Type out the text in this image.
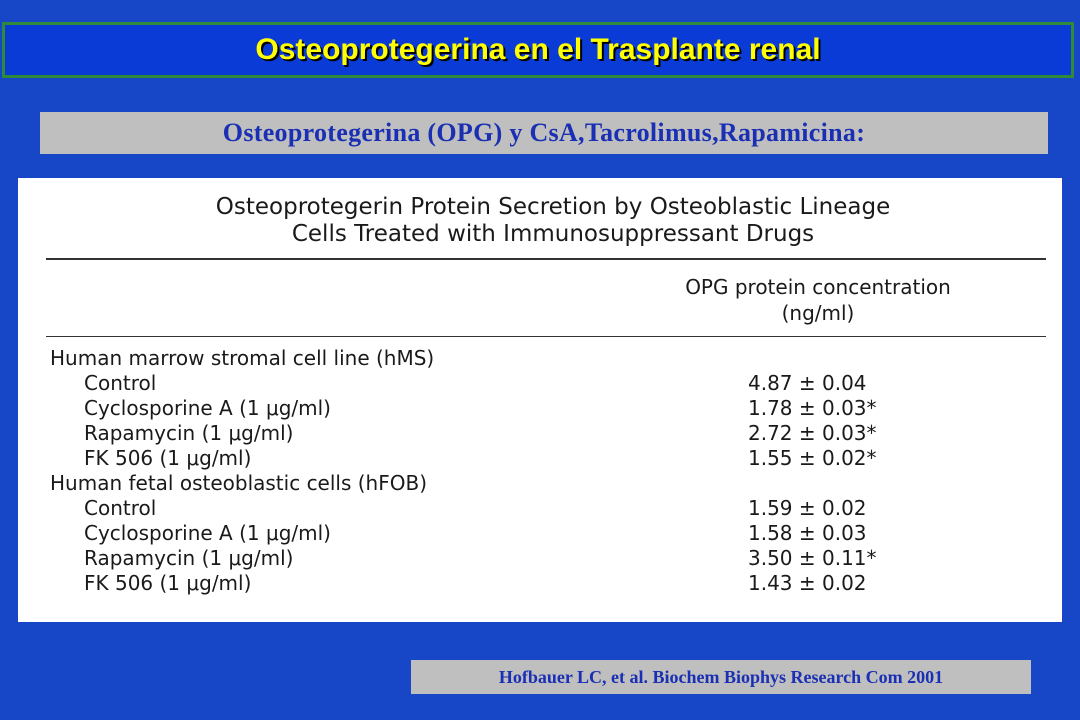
Osteoprotegerina en el Trasplante renal
Osteoprotegerina (OPG) y CsA,Tacrolimus,Rapamicina:
Osteoprotegerin Protein Secretion by Osteoblastic Lineage
Cells Treated with Immunosuppressant Drugs
OPG protein concentration
(ng/ml)
Human marrow stromal cell line (hMS)
Control	4.87 ± 0.04
Cyclosporine A (1 μg/ml)	1.78 ± 0.03*
Rapamycin (1 μg/ml)	2.72 ± 0.03*
FK 506 (1 μg/ml)	1.55 ± 0.02*
Human fetal osteoblastic cells (hFOB)
Control	1.59 ± 0.02
Cyclosporine A (1 μg/ml)	1.58 ± 0.03
Rapamycin (1 μg/ml)	3.50 ± 0.11*
FK 506 (1 μg/ml)	1.43 ± 0.02
Hofbauer LC, et al. Biochem Biophys Research Com 2001
